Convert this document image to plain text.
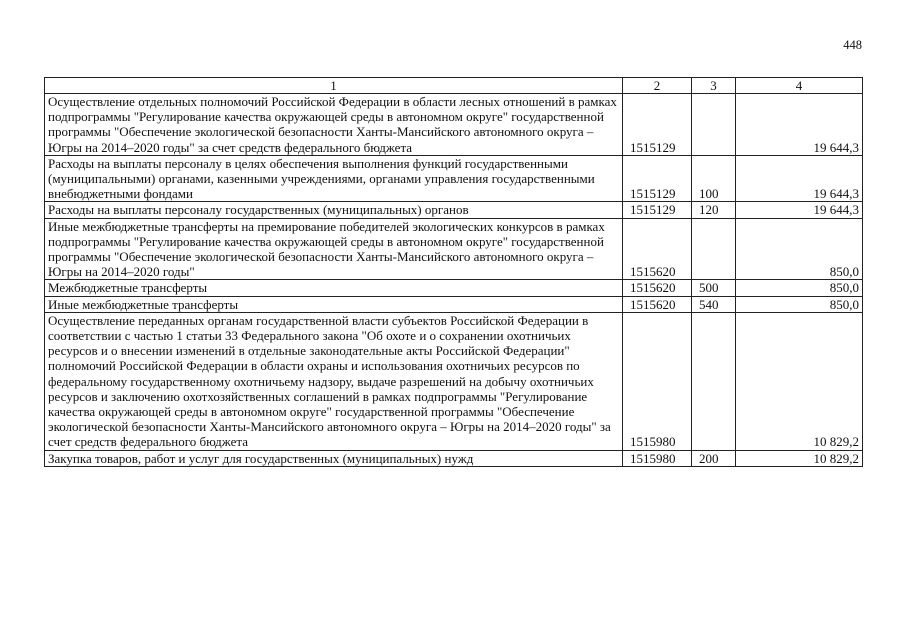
448
1	2	3	4
Осуществление отдельных полномочий Российской Федерации в области лесных отношений в рамках подпрограммы "Регулирование качества окружающей среды в автономном округе" государственной программы "Обеспечение экологической безопасности Ханты-Мансийского автономного округа – Югры на 2014–2020 годы" за счет средств федерального бюджета	1515129		19 644,3
Расходы на выплаты персоналу в целях обеспечения выполнения функций государственными (муниципальными) органами, казенными учреждениями, органами управления государственными внебюджетными фондами	1515129	100	19 644,3
Расходы на выплаты персоналу государственных (муниципальных) органов	1515129	120	19 644,3
Иные межбюджетные трансферты на премирование победителей экологических конкурсов в рамках подпрограммы "Регулирование качества окружающей среды в автономном округе" государственной программы "Обеспечение экологической безопасности Ханты-Мансийского автономного округа – Югры на 2014–2020 годы"	1515620		850,0
Межбюджетные трансферты	1515620	500	850,0
Иные межбюджетные трансферты	1515620	540	850,0
Осуществление переданных органам государственной власти субъектов Российской Федерации в соответствии с частью 1 статьи 33 Федерального закона "Об охоте и о сохранении охотничьих ресурсов и о внесении изменений в отдельные законодательные акты Российской Федерации" полномочий Российской Федерации в области охраны и использования охотничьих ресурсов по федеральному государственному охотничьему надзору, выдаче разрешений на добычу охотничьих ресурсов и заключению охотхозяйственных соглашений в рамках подпрограммы "Регулирование качества окружающей среды в автономном округе" государственной программы "Обеспечение экологической безопасности Ханты-Мансийского автономного округа – Югры на 2014–2020 годы" за счет средств федерального бюджета	1515980		10 829,2
Закупка товаров, работ и услуг для государственных (муниципальных) нужд	1515980	200	10 829,2
